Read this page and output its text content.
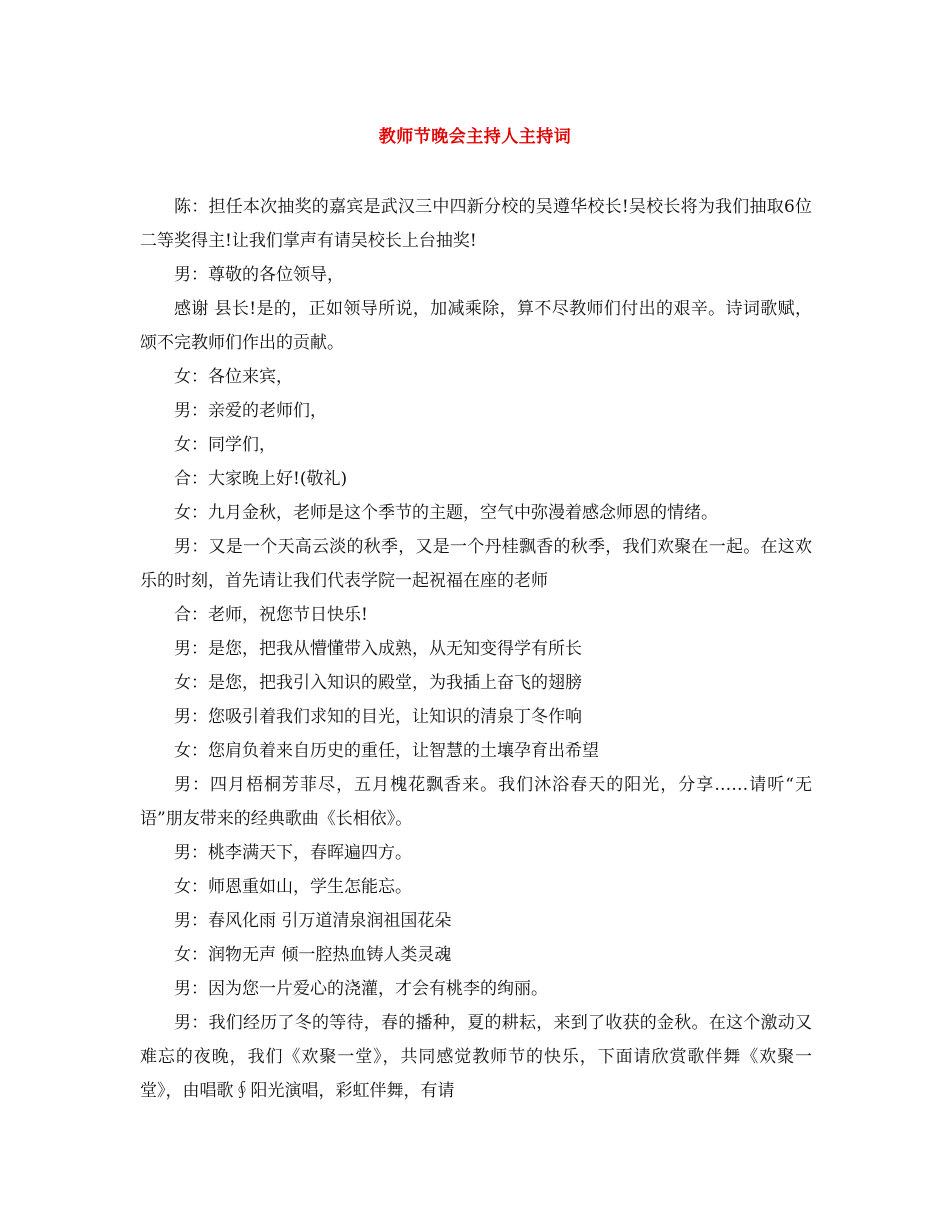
教师节晚会主持人主持词

陈：担任本次抽奖的嘉宾是武汉三中四新分校的吴遵华校长!吴校长将为我们抽取6位二等奖得主!让我们掌声有请吴校长上台抽奖!

男：尊敬的各位领导，

感谢 县长!是的，正如领导所说，加减乘除，算不尽教师们付出的艰辛。诗词歌赋，颂不完教师们作出的贡献。

女：各位来宾，

男：亲爱的老师们，

女：同学们，

合：大家晚上好!(敬礼)

女：九月金秋，老师是这个季节的主题，空气中弥漫着感念师恩的情绪。

男：又是一个天高云淡的秋季，又是一个丹桂飘香的秋季，我们欢聚在一起。在这欢乐的时刻，首先请让我们代表学院一起祝福在座的老师

合：老师，祝您节日快乐!

男：是您，把我从懵懂带入成熟，从无知变得学有所长

女：是您，把我引入知识的殿堂，为我插上奋飞的翅膀

男：您吸引着我们求知的目光，让知识的清泉丁冬作响

女：您肩负着来自历史的重任，让智慧的土壤孕育出希望

男：四月梧桐芳菲尽，五月槐花飘香来。我们沐浴春天的阳光，分享……请听“无语”朋友带来的经典歌曲《长相依》。

男：桃李满天下，春晖遍四方。

女：师恩重如山，学生怎能忘。

男：春风化雨 引万道清泉润祖国花朵

女：润物无声 倾一腔热血铸人类灵魂

男：因为您一片爱心的浇灌，才会有桃李的绚丽。

男：我们经历了冬的等待，春的播种，夏的耕耘，来到了收获的金秋。在这个激动又难忘的夜晚，我们《欢聚一堂》，共同感觉教师节的快乐，下面请欣赏歌伴舞《欢聚一堂》，由唱歌∮阳光演唱，彩虹伴舞，有请
